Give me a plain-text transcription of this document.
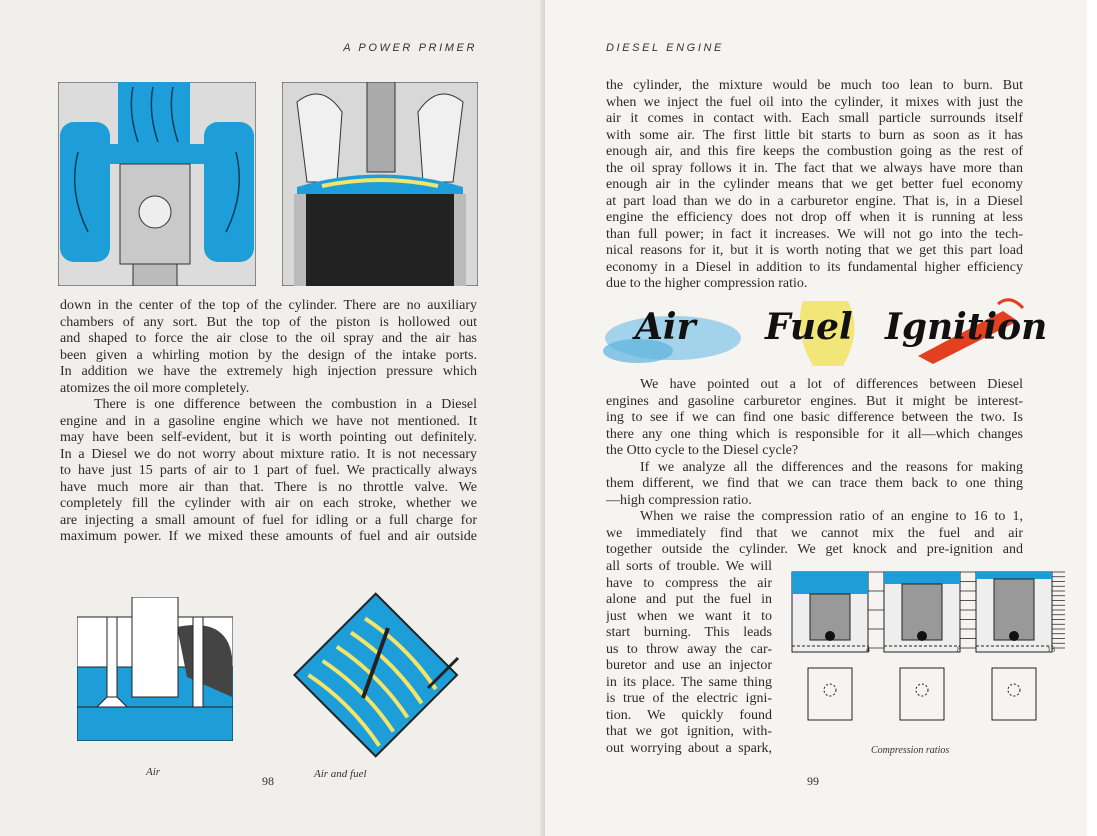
A POWER PRIMER
down in the center of the top of the cylinder. There are no auxiliary
chambers of any sort. But the top of the piston is hollowed out
and shaped to force the air close to the oil spray and the air has
been given a whirling motion by the design of the intake ports.
In addition we have the extremely high injection pressure which
atomizes the oil more completely.
There is one difference between the combustion in a Diesel
engine and in a gasoline engine which we have not mentioned. It
may have been self-evident, but it is worth pointing out definitely.
In a Diesel we do not worry about mixture ratio. It is not necessary
to have just 15 parts of air to 1 part of fuel. We practically always
have much more air than that. There is no throttle valve. We
completely fill the cylinder with air on each stroke, whether we
are injecting a small amount of fuel for idling or a full charge for
maximum power. If we mixed these amounts of fuel and air outside
Air	Air and fuel
98
DIESEL ENGINE
the cylinder, the mixture would be much too lean to burn. But
when we inject the fuel oil into the cylinder, it mixes with just the
air it comes in contact with. Each small particle surrounds itself
with some air. The first little bit starts to burn as soon as it has
enough air, and this fire keeps the combustion going as the rest of
the oil spray follows it in. The fact that we always have more than
enough air in the cylinder means that we get better fuel economy
at part load than we do in a carburetor engine. That is, in a Diesel
engine the efficiency does not drop off when it is running at less
than full power; in fact it increases. We will not go into the tech-
nical reasons for it, but it is worth noting that we get this part load
economy in a Diesel in addition to its fundamental higher efficiency
due to the higher compression ratio.
Air Fuel Ignition
We have pointed out a lot of differences between Diesel
engines and gasoline carburetor engines. But it might be interest-
ing to see if we can find one basic difference between the two. Is
there any one thing which is responsible for it all—which changes
the Otto cycle to the Diesel cycle?
If we analyze all the differences and the reasons for making
them different, we find that we can trace them back to one thing
—high compression ratio.
When we raise the compression ratio of an engine to 16 to 1,
we immediately find that we cannot mix the fuel and air
together outside the cylinder. We get knock and pre-ignition and
all sorts of trouble. We will
have to compress the air
alone and put the fuel in
just when we want it to
start burning. This leads
us to throw away the car-
buretor and use an injector
in its place. The same thing
is true of the electric igni-
tion. We quickly found
that we got ignition, with-
out worrying about a spark,
4	8	16
Compression ratios
99
